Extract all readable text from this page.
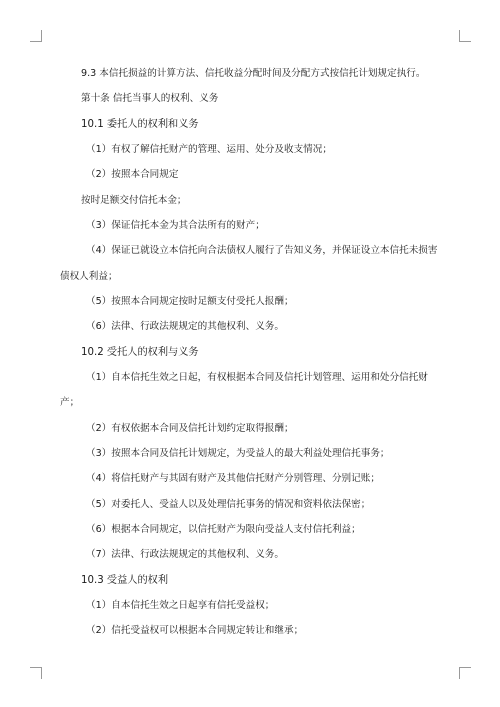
9.3 本信托损益的计算方法、信托收益分配时间及分配方式按信托计划规定执行。
第十条 信托当事人的权利、义务
10.1 委托人的权利和义务
（1）有权了解信托财产的管理、运用、处分及收支情况；
（2）按照本合同规定
按时足额交付信托本金；
（3）保证信托本金为其合法所有的财产；
（4）保证已就设立本信托向合法债权人履行了告知义务，并保证设立本信托未损害债权人利益；
（5）按照本合同规定按时足额支付受托人报酬；
（6）法律、行政法规规定的其他权利、义务。
10.2 受托人的权利与义务
（1）自本信托生效之日起，有权根据本合同及信托计划管理、运用和处分信托财产；
（2）有权依据本合同及信托计划约定取得报酬；
（3）按照本合同及信托计划规定，为受益人的最大利益处理信托事务；
（4）将信托财产与其固有财产及其他信托财产分别管理、分别记账；
（5）对委托人、受益人以及处理信托事务的情况和资料依法保密；
（6）根据本合同规定，以信托财产为限向受益人支付信托利益；
（7）法律、行政法规规定的其他权利、义务。
10.3 受益人的权利
（1）自本信托生效之日起享有信托受益权；
（2）信托受益权可以根据本合同规定转让和继承；
